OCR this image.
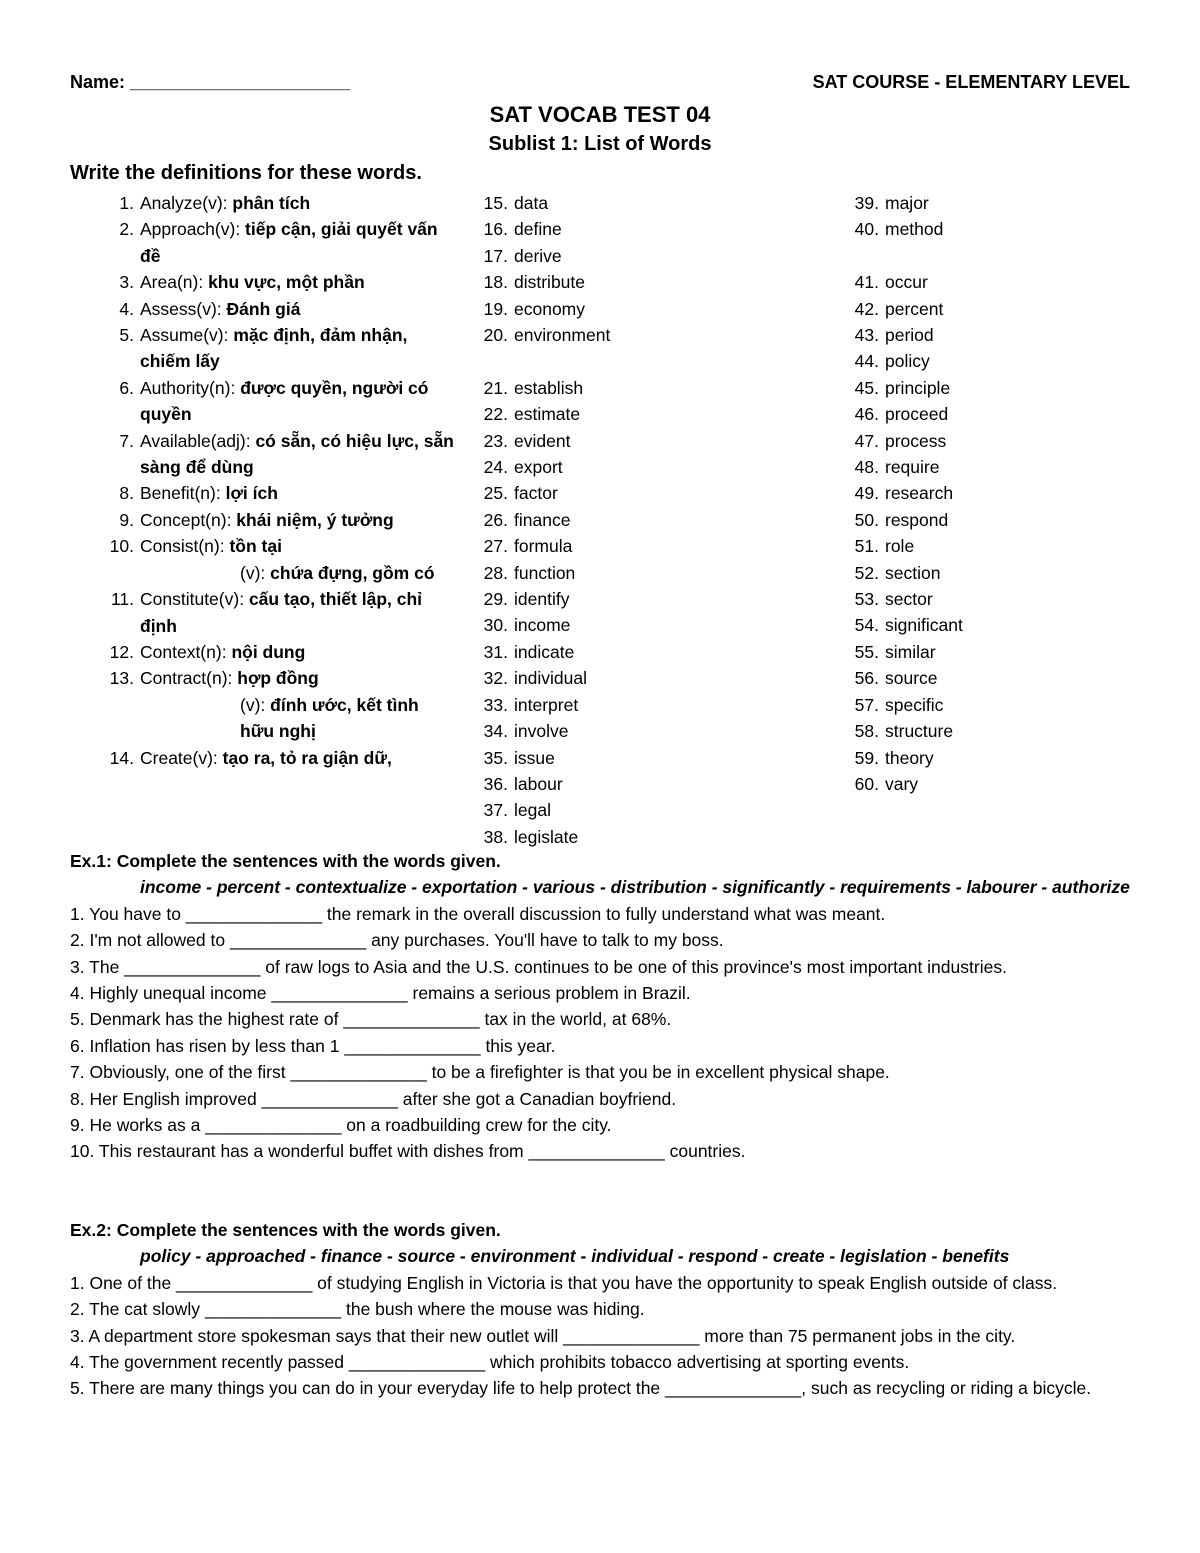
Name: ______________________	SAT COURSE - ELEMENTARY LEVEL
SAT VOCAB TEST 04
Sublist 1: List of Words
Write the definitions for these words.
1. Analyze(v): phân tích
2. Approach(v): tiếp cận, giải quyết vấn đề
3. Area(n): khu vực, một phần
4. Assess(v): Đánh giá
5. Assume(v): mặc định, đảm nhận, chiếm lấy
6. Authority(n): được quyền, người có quyền
7. Available(adj): có sẵn, có hiệu lực, sẵn sàng để dùng
8. Benefit(n): lợi ích
9. Concept(n): khái niệm, ý tưởng
10. Consist(n): tồn tại
(v): chứa đựng, gồm có
11. Constitute(v): cấu tạo, thiết lập, chỉ định
12. Context(n): nội dung
13. Contract(n): hợp đồng
(v): đính ước, kết tình hữu nghị
14. Create(v): tạo ra, tỏ ra giận dữ,
15. data
16. define
17. derive
18. distribute
19. economy
20. environment
21. establish
22. estimate
23. evident
24. export
25. factor
26. finance
27. formula
28. function
29. identify
30. income
31. indicate
32. individual
33. interpret
34. involve
35. issue
36. labour
37. legal
38. legislate
39. major
40. method
41. occur
42. percent
43. period
44. policy
45. principle
46. proceed
47. process
48. require
49. research
50. respond
51. role
52. section
53. sector
54. significant
55. similar
56. source
57. specific
58. structure
59. theory
60. vary
Ex.1: Complete the sentences with the words given.
income - percent - contextualize - exportation - various - distribution - significantly - requirements - labourer - authorize
1. You have to ______________ the remark in the overall discussion to fully understand what was meant.
2. I'm not allowed to ______________ any purchases. You'll have to talk to my boss.
3. The ______________ of raw logs to Asia and the U.S. continues to be one of this province's most important industries.
4. Highly unequal income ______________ remains a serious problem in Brazil.
5. Denmark has the highest rate of ______________ tax in the world, at 68%.
6. Inflation has risen by less than 1 ______________ this year.
7. Obviously, one of the first ______________ to be a firefighter is that you be in excellent physical shape.
8. Her English improved ______________ after she got a Canadian boyfriend.
9. He works as a ______________ on a roadbuilding crew for the city.
10. This restaurant has a wonderful buffet with dishes from ______________ countries.
Ex.2: Complete the sentences with the words given.
policy - approached - finance - source - environment - individual - respond - create - legislation - benefits
1. One of the ______________ of studying English in Victoria is that you have the opportunity to speak English outside of class.
2. The cat slowly ______________ the bush where the mouse was hiding.
3. A department store spokesman says that their new outlet will ______________ more than 75 permanent jobs in the city.
4. The government recently passed ______________ which prohibits tobacco advertising at sporting events.
5. There are many things you can do in your everyday life to help protect the ______________, such as recycling or riding a bicycle.
